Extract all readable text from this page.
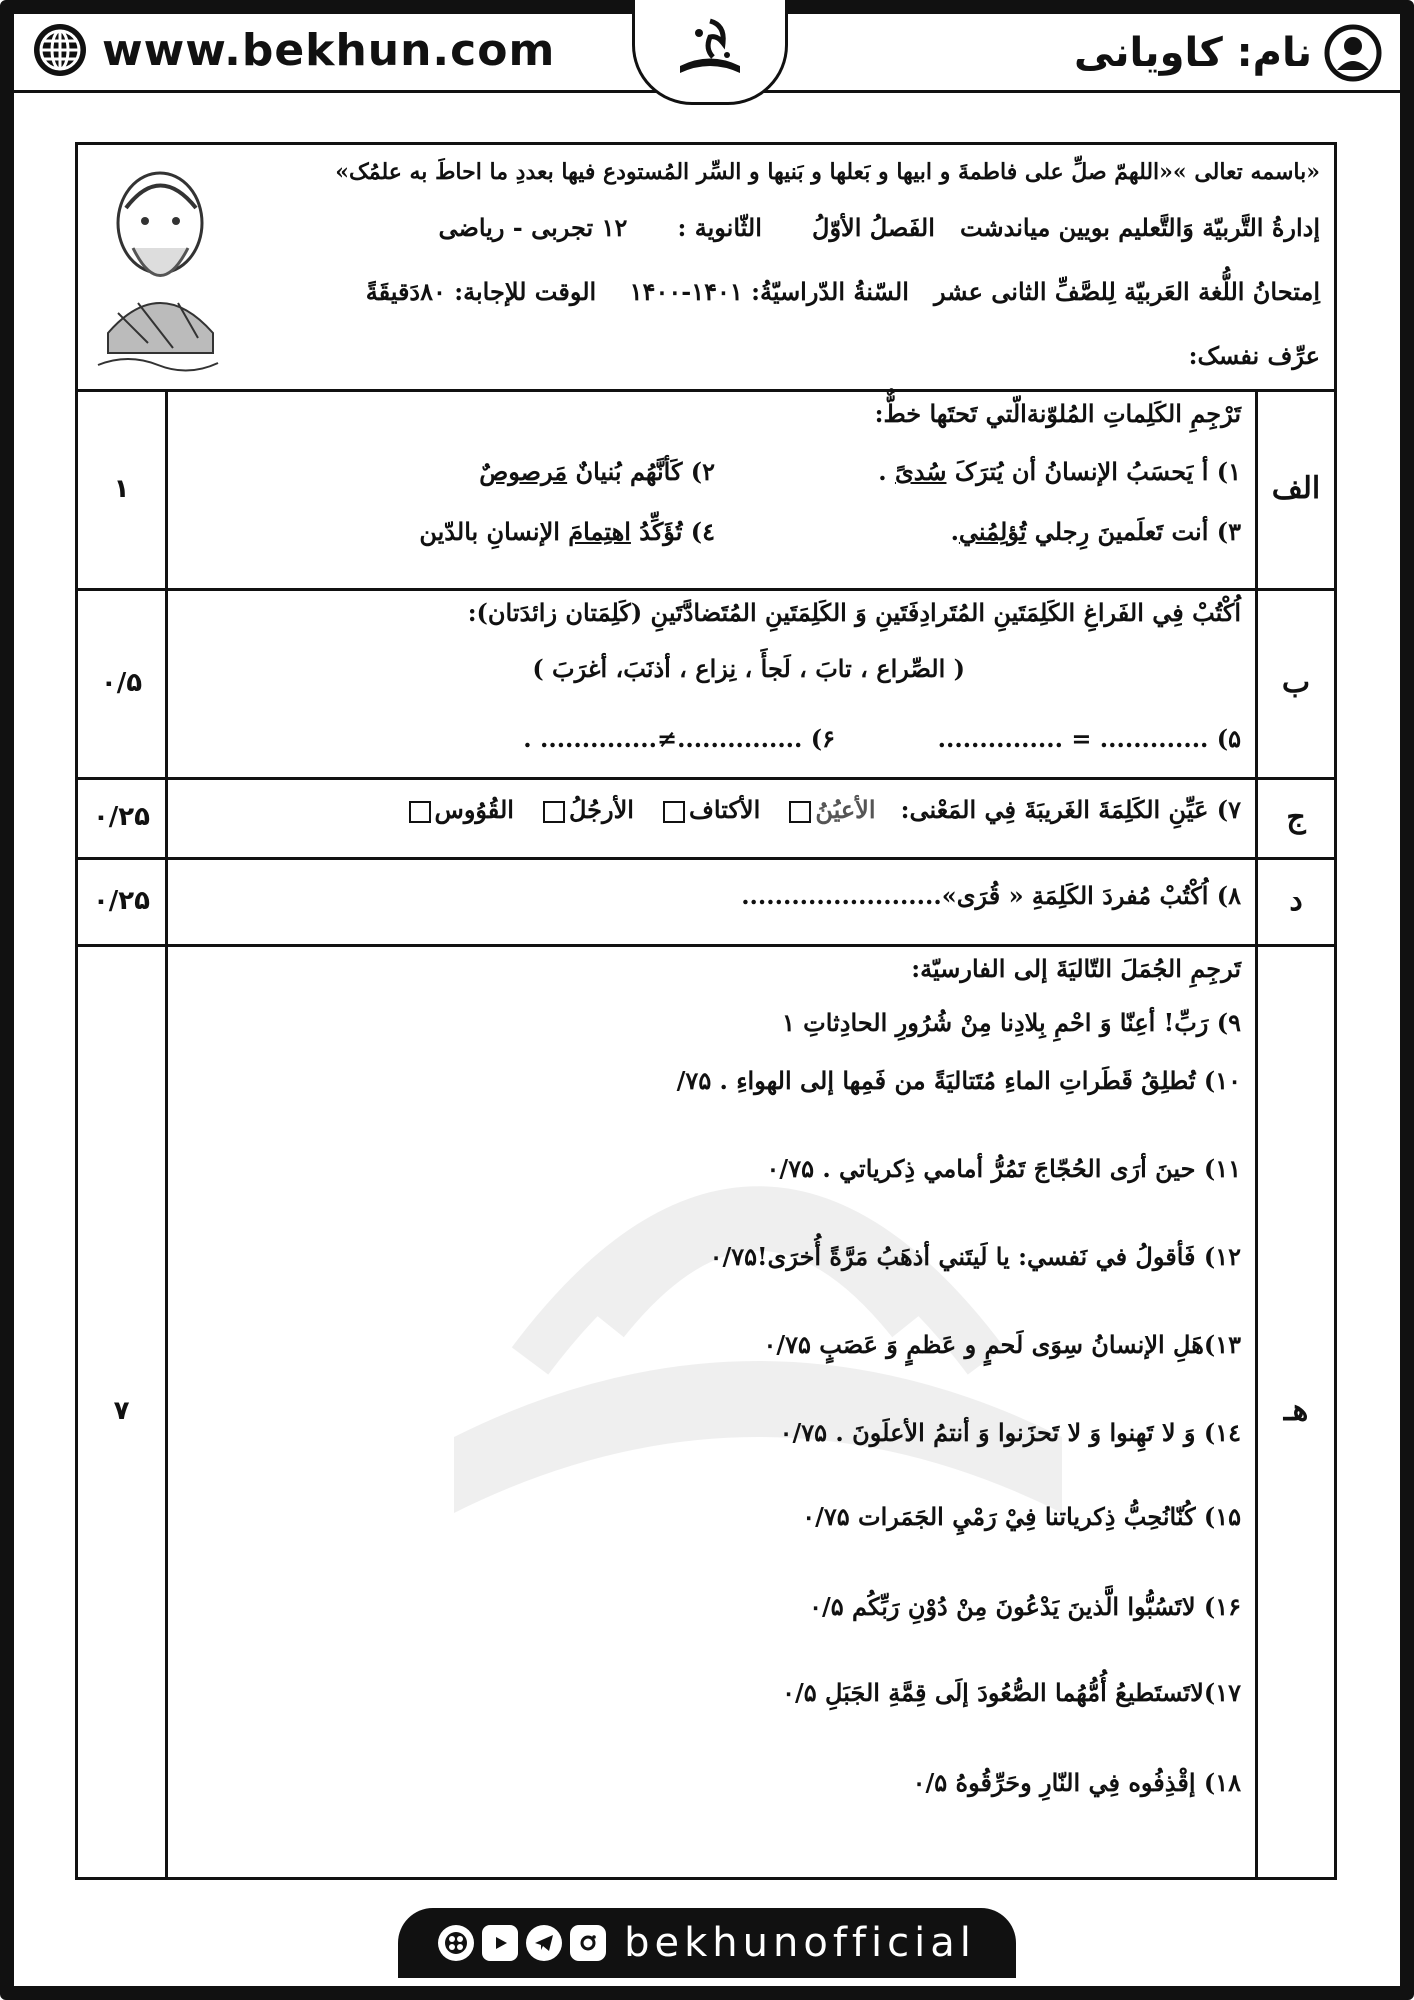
www.bekhun.com	نام: کاویانی
«باسمه تعالی »«اللهمّ صلِّ علی فاطمةَ و ابیها و بَعلها و بَنیها و السِّر المُستودع فیها بعددِ ما احاطَ به علمُک»
إدارةُ التَّربیّة وَالتَّعلیم بویین میاندشت   الفَصلُ الأوّلُ      الثّانویة :      ۱۲ تجربی - ریاضی
اِمتحانُ اللُّغة العَربیّة لِلصَّفِّ الثانی عشر   السّنةُ الدّراسیّةُ: ۱۴۰۱-۱۴۰۰    الوقت للإجابة: ۸۰دَقیقَةً
عرِّف نفسک:
۱	الف
تَرْجِمِ الکَلِماتِ المُلوّنةالّتي تَحتَها خطٌّ:
۱) أ یَحسَبُ الإنسانُ أن یُترَکَ سُدیً .
۲) کَأنَّهُم بُنیانٌ مَرصوصٌ
۳) أنت تَعلَمینَ رِجلي تُؤلِمُني.
٤) تُؤَکِّدُ اهتِمامَ الإنسانِ بالدّین
۰/۵	ب
اُکْتُبْ فِي الفَراغِ الکَلِمَتَینِ المُتَرادِفَتَینِ وَ الکَلِمَتَینِ المُتَضادَّتَینِ (کَلِمَتان زائدَتان):
( الصِّراع ، تابَ ، لَجأَ ، نِزاع ، أذنَبَ، أغرَبَ )
۵) ............. = ...............
۶) ...............≠.............. .
۰/۲۵	ج
۷) عَیِّنِ الکَلِمَةَ الغَریبَةَ فِي المَعْنی:   الأعیُنُ   الأکتاف   الأرجُلُ   القُوُوس
۰/۲۵	د
۸) اُکْتُبْ مُفردَ الکَلِمَةِ « قُرَی»........................
۷	هـ
تَرجِمِ الجُمَلَ التّالیَةَ إلی الفارسیّة:
۹) رَبِّ! أعِنّا وَ احْمِ بِلادِنا مِنْ شُرُورِ الحادِثاتِ ۱
۱۰) تُطلِقُ قَطَراتِ الماءِ مُتَتالیَةً من فَمِها إلی الهواءِ . ۷۵/
۱۱) حینَ أرَی الحُجّاجَ تَمُرُّ أمامي ذِکریاتي . ۰/۷۵
۱۲) فَأقولُ في نَفسي: یا لَیتَني أذهَبُ مَرَّةً أُخرَی!۰/۷۵
۱۳)هَلِ الإنسانُ سِوَی لَحمٍ و عَظمٍ وَ عَصَبٍ ۰/۷۵
۱٤) وَ لا تَهِنوا وَ لا تَحزَنوا وَ أنتمُ الأعلَونَ . ۰/۷۵
۱۵) کُنّانُحِبُّ ذِکریاتنا فِيْ رَمْيِ الجَمَرات ۰/۷۵
۱۶) لاتَسُبُّوا الَّذینَ یَدْعُونَ مِنْ دُوْنِ رَبِّکُم ۰/۵
۱۷)لاتَستَطیعُ أُمُّهُما الصُّعُودَ إلَی قِمَّةِ الجَبَلِ ۰/۵
۱۸) إقْذِفُوه فِي النّارِ وحَرِّقُوهُ ۰/۵
bekhunofficial
